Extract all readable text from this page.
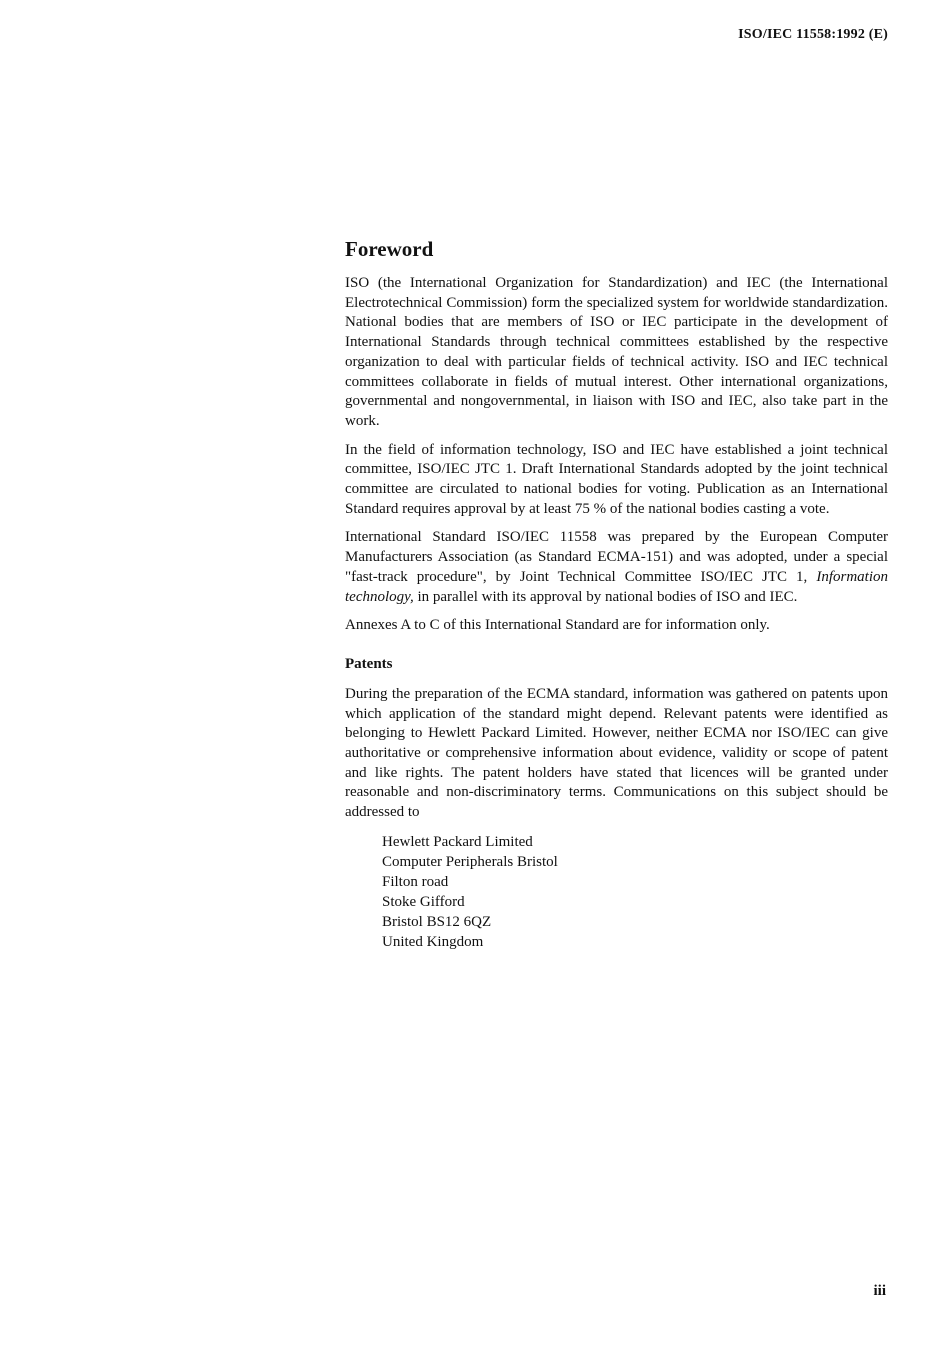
ISO/IEC 11558:1992 (E)
Foreword

ISO (the International Organization for Standardization) and IEC (the International Electrotechnical Commission) form the specialized system for worldwide standardization. National bodies that are members of ISO or IEC participate in the development of International Standards through technical committees established by the respective organization to deal with particular fields of technical activity. ISO and IEC technical committees collaborate in fields of mutual interest. Other international organizations, governmental and nongovernmental, in liaison with ISO and IEC, also take part in the work.

In the field of information technology, ISO and IEC have established a joint technical committee, ISO/IEC JTC 1. Draft International Standards adopted by the joint technical committee are circulated to national bodies for voting. Publication as an International Standard requires approval by at least 75 % of the national bodies casting a vote.

International Standard ISO/IEC 11558 was prepared by the European Computer Manufacturers Association (as Standard ECMA-151) and was adopted, under a special "fast-track procedure", by Joint Technical Committee ISO/IEC JTC 1, Information technology, in parallel with its approval by national bodies of ISO and IEC.

Annexes A to C of this International Standard are for information only.

Patents

During the preparation of the ECMA standard, information was gathered on patents upon which application of the standard might depend. Relevant patents were identified as belonging to Hewlett Packard Limited. However, neither ECMA nor ISO/IEC can give authoritative or comprehensive information about evidence, validity or scope of patent and like rights. The patent holders have stated that licences will be granted under reasonable and non-discriminatory terms. Communications on this subject should be addressed to

Hewlett Packard Limited
Computer Peripherals Bristol
Filton road
Stoke Gifford
Bristol BS12 6QZ
United Kingdom
iii
